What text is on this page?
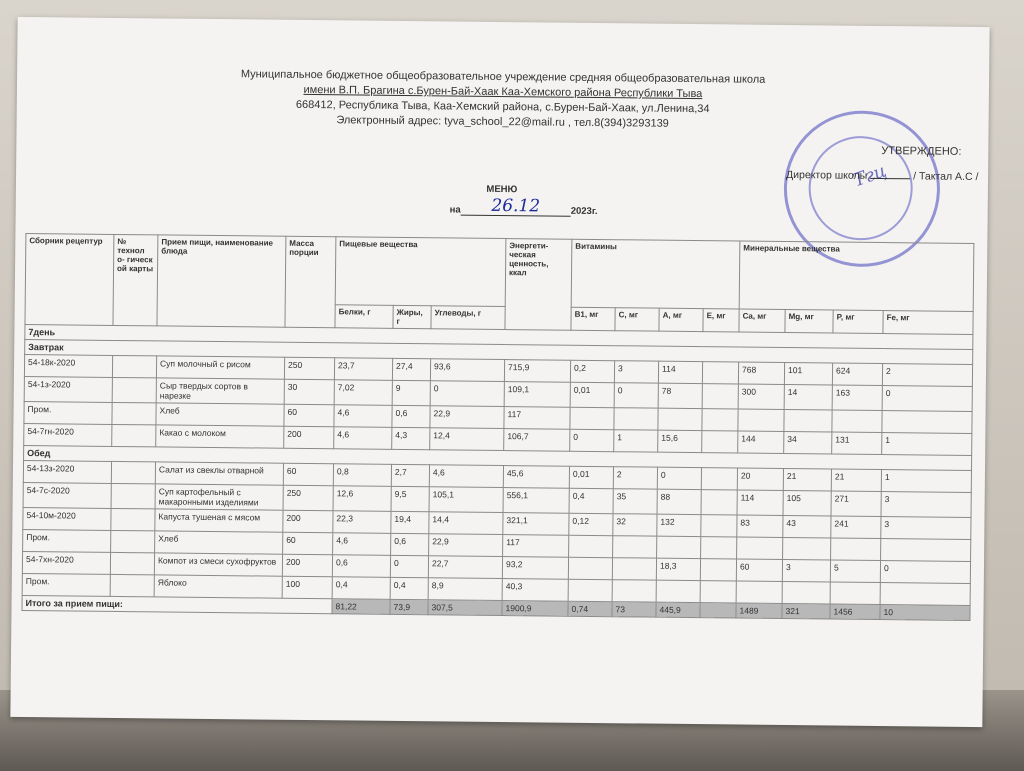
Муниципальное бюджетное общеобразовательное учреждение средняя общеобразовательная школа
имени В.П. Брагина с.Бурен-Бай-Хаак Каа-Хемского района Республики Тыва
668412, Республика Тыва, Каа-Хемский района, с.Бурен-Бай-Хаак, ул.Ленина,34
Электронный адрес: tyva_school_22@mail.ru , тел.8(394)3293139
Тгц
УТВЕРЖДЕНО:
Директор школы	/ Тактал А.С /
МЕНЮ
на 26.12	2023г.
Сборник рецептур	№ технол о- гическ ой карты	Прием пищи, наименование блюда	Масса порции	Пищевые вещества			Энергети- ческая ценность, ккал	Витамины				Минеральные вещества			
				Белки, г	Жиры, г	Углеводы, г		B1, мг	C, мг	A, мг	E, мг	Ca, мг	Mg, мг	P, мг	Fe, мг
7день															
Завтрак															
54-18к-2020		Суп молочный с рисом	250	23,7	27,4	93,6	715,9	0,2	3	114		768	101	624	2
54-1з-2020		Сыр твердых сортов в нарезке	30	7,02	9	0	109,1	0,01	0	78		300	14	163	0
Пром.		Хлеб	60	4,6	0,6	22,9	117								
54-7гн-2020		Какао с молоком	200	4,6	4,3	12,4	106,7	0	1	15,6		144	34	131	1
Обед															
54-13з-2020		Салат из свеклы отварной	60	0,8	2,7	4,6	45,6	0,01	2	0		20	21	21	1
54-7с-2020		Суп картофельный с макаронными изделиями	250	12,6	9,5	105,1	556,1	0,4	35	88		114	105	271	3
54-10м-2020		Капуста тушеная с мясом	200	22,3	19,4	14,4	321,1	0,12	32	132		83	43	241	3
Пром.		Хлеб	60	4,6	0,6	22,9	117								
54-7хн-2020		Компот из смеси сухофруктов	200	0,6	0	22,7	93,2			18,3		60	3	5	0
Пром.		Яблоко	100	0,4	0,4	8,9	40,3								
Итого за прием пищи:				81,22	73,9	307,5	1900,9	0,74	73	445,9		1489	321	1456	10
